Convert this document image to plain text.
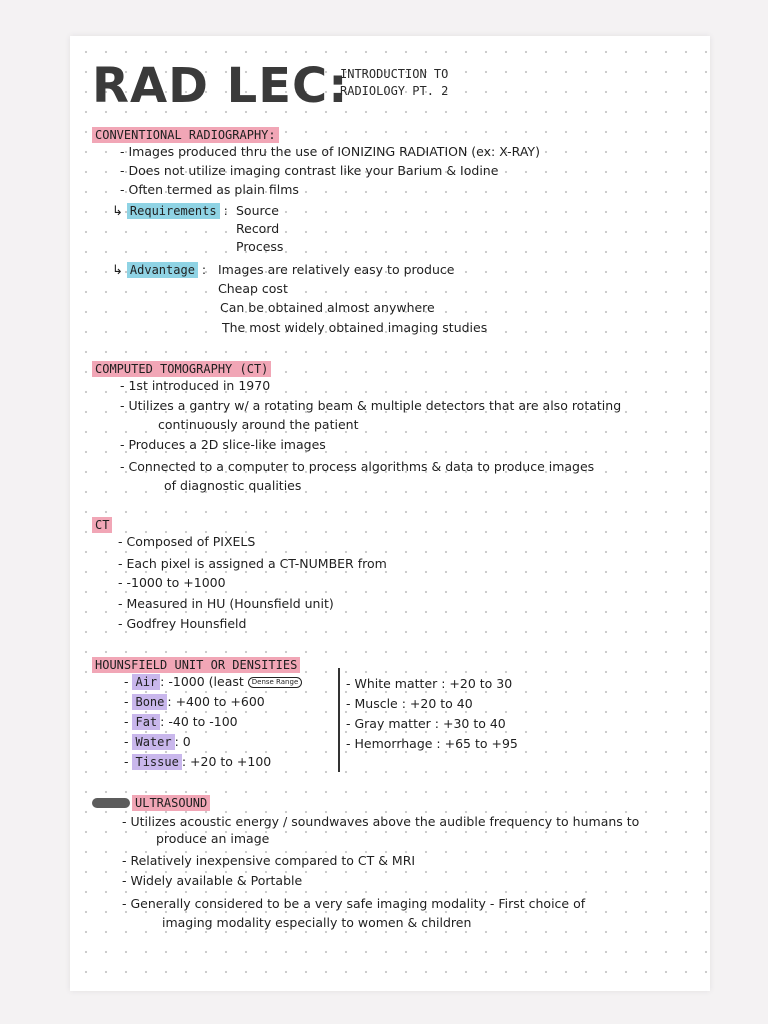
RAD LEC:
INTRODUCTION TO
RADIOLOGY PT. 2
CONVENTIONAL RADIOGRAPHY:
- Images produced thru the use of IONIZING RADIATION (ex: X-RAY)
- Does not utilize imaging contrast like your Barium & Iodine
- Often termed as plain films
↳ Requirements : Source
Record
Process
↳ Advantage : Images are relatively easy to produce
Cheap cost
Can be obtained almost anywhere
The most widely obtained imaging studies
COMPUTED TOMOGRAPHY (CT)
- 1st introduced in 1970
- Utilizes a gantry w/ a rotating beam & multiple detectors that are also rotating
continuously around the patient
- Produces a 2D slice-like images
- Connected to a computer to process algorithms & data to produce images
of diagnostic qualities
CT
- Composed of PIXELS
- Each pixel is assigned a CT-NUMBER from
- -1000 to +1000
- Measured in HU (Hounsfield unit)
- Godfrey Hounsfield
HOUNSFIELD UNIT OR DENSITIES
- Air : -1000 (least Dense Range
- Bone : +400 to +600
- Fat : -40 to -100
- Water : 0
- Tissue : +20 to +100
- White matter : +20 to 30
- Muscle : +20 to 40
- Gray matter : +30 to 40
- Hemorrhage : +65 to +95
ULTRASOUND
- Utilizes acoustic energy / soundwaves above the audible frequency to humans to
produce an image
- Relatively inexpensive compared to CT & MRI
- Widely available & Portable
- Generally considered to be a very safe imaging modality - First choice of
imaging modality especially to women & children
